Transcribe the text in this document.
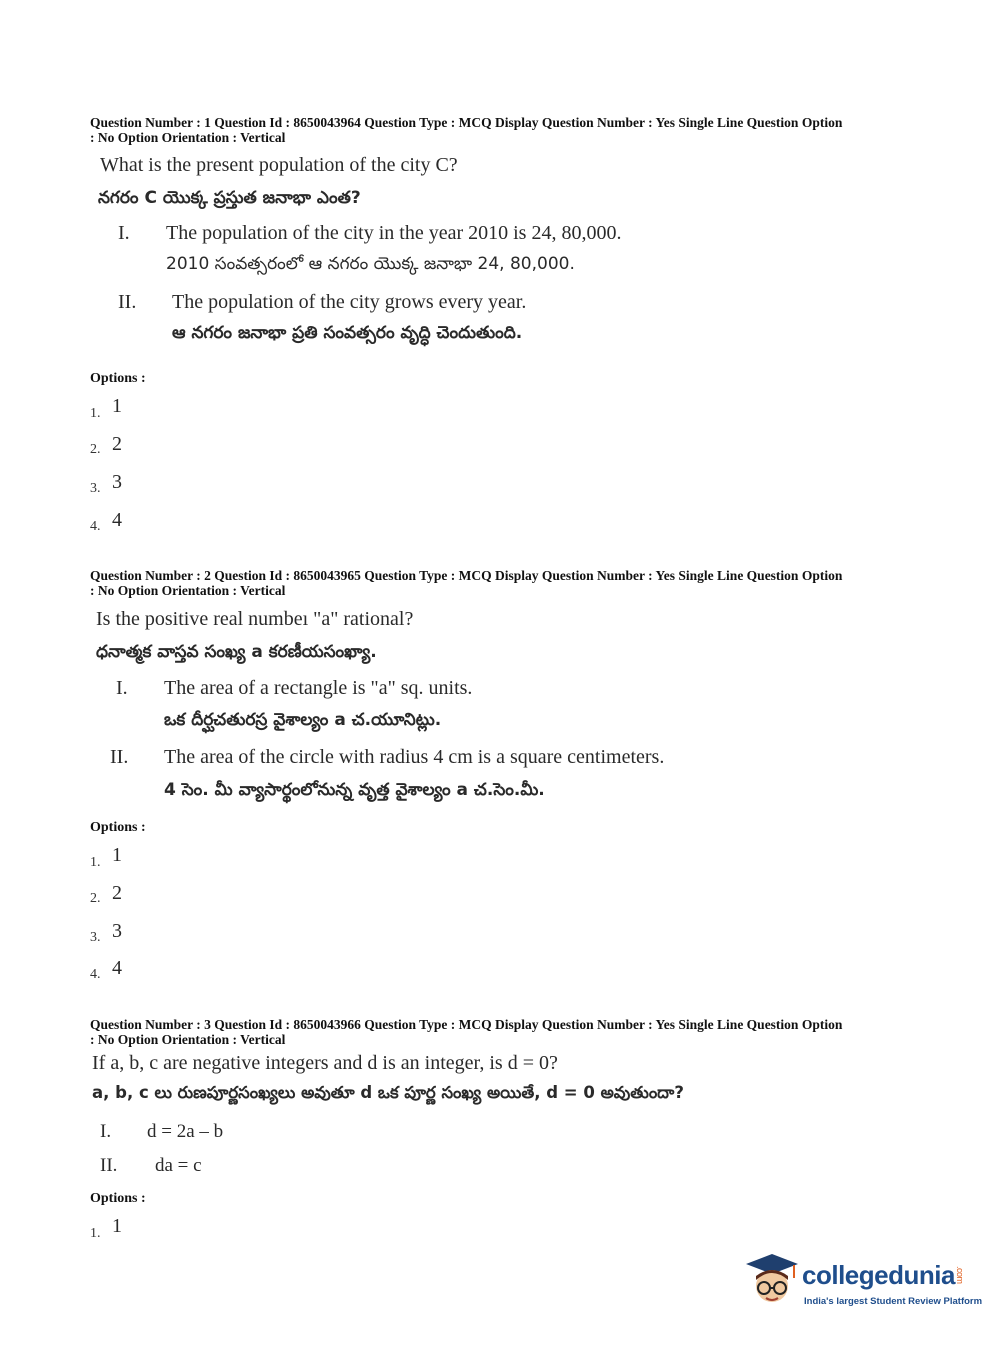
Question Number : 1 Question Id : 8650043964 Question Type : MCQ Display Question Number : Yes Single Line Question Option
: No Option Orientation : Vertical
What is the present population of the city C?
నగరం C యొక్క ప్రస్తుత జనాభా ఎంత?
I. The population of the city in the year 2010 is 24, 80,000.
2010 సంవత్సరంలో ఆ నగరం యొక్క జనాభా 24, 80,000.
II. The population of the city grows every year.
ఆ నగరం జనాభా ప్రతి సంవత్సరం వృద్ధి చెందుతుంది.
Options :
1. 1
2. 2
3. 3
4. 4
Question Number : 2 Question Id : 8650043965 Question Type : MCQ Display Question Number : Yes Single Line Question Option
: No Option Orientation : Vertical
Is the positive real numbeı "a" rational?
ధనాత్మక వాస్తవ సంఖ్య a కరణీయసంఖ్యా.
I. The area of a rectangle is "a" sq. units.
ఒక దీర్ఘచతురస్ర వైశాల్యం a చ.యూనిట్లు.
II. The area of the circle with radius 4 cm is a square centimeters.
4 సెం. మీ వ్యాసార్థంలోనున్న వృత్త వైశాల్యం a చ.సెం.మీ.
Options :
1. 1
2. 2
3. 3
4. 4
Question Number : 3 Question Id : 8650043966 Question Type : MCQ Display Question Number : Yes Single Line Question Option
: No Option Orientation : Vertical
If a, b, c are negative integers and d is an integer, is d = 0?
a, b, c లు రుణపూర్ణసంఖ్యలు అవుతూ d ఒక పూర్ణ సంఖ్య అయితే, d = 0 అవుతుందా?
I. d = 2a – b
II. da = c
Options :
1. 1
collegedunia.com
India's largest Student Review Platform
